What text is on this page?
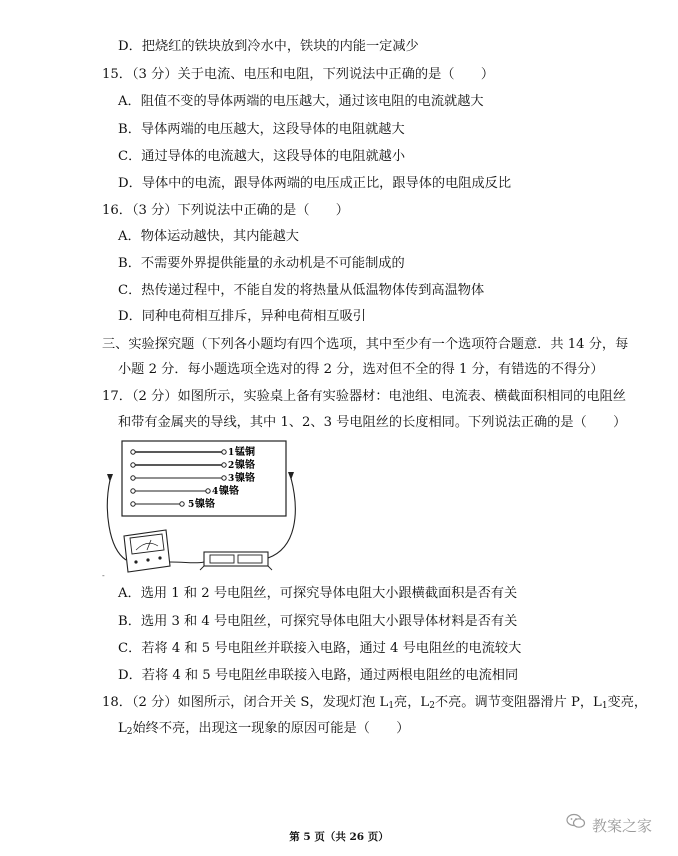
D．把烧红的铁块放到冷水中，铁块的内能一定减少
15．（3 分）关于电流、电压和电阻，下列说法中正确的是（　　）
A．阻值不变的导体两端的电压越大，通过该电阻的电流就越大
B．导体两端的电压越大，这段导体的电阻就越大
C．通过导体的电流越大，这段导体的电阻就越小
D．导体中的电流，跟导体两端的电压成正比，跟导体的电阻成反比
16．（3 分）下列说法中正确的是（　　）
A．物体运动越快，其内能越大
B．不需要外界提供能量的永动机是不可能制成的
C．热传递过程中，不能自发的将热量从低温物体传到高温物体
D．同种电荷相互排斥，异种电荷相互吸引
三、实验探究题（下列各小题均有四个选项，其中至少有一个选项符合题意．共 14 分，每
小题 2 分．每小题选项全选对的得 2 分，选对但不全的得 1 分，有错选的不得分）
17．（2 分）如图所示，实验桌上备有实验器材：电池组、电流表、横截面积相同的电阻丝
和带有金属夹的导线，其中 1、2、3 号电阻丝的长度相同。下列说法正确的是（　　）
1 锰铜
2 镍铬
3 镍铬
4 镍铬
5 镍铬
-
A．选用 1 和 2 号电阻丝，可探究导体电阻大小跟横截面积是否有关
B．选用 3 和 4 号电阻丝，可探究导体电阻大小跟导体材料是否有关
C．若将 4 和 5 号电阻丝并联接入电路，通过 4 号电阻丝的电流较大
D．若将 4 和 5 号电阻丝串联接入电路，通过两根电阻丝的电流相同
18．（2 分）如图所示，闭合开关 S，发现灯泡 $L_1$亮，$L_2$不亮。调节变阻器滑片 P，$L_1$变亮，
$L_2$始终不亮，出现这一现象的原因可能是（　　）
第 5 页（共 26 页）
教案之家
